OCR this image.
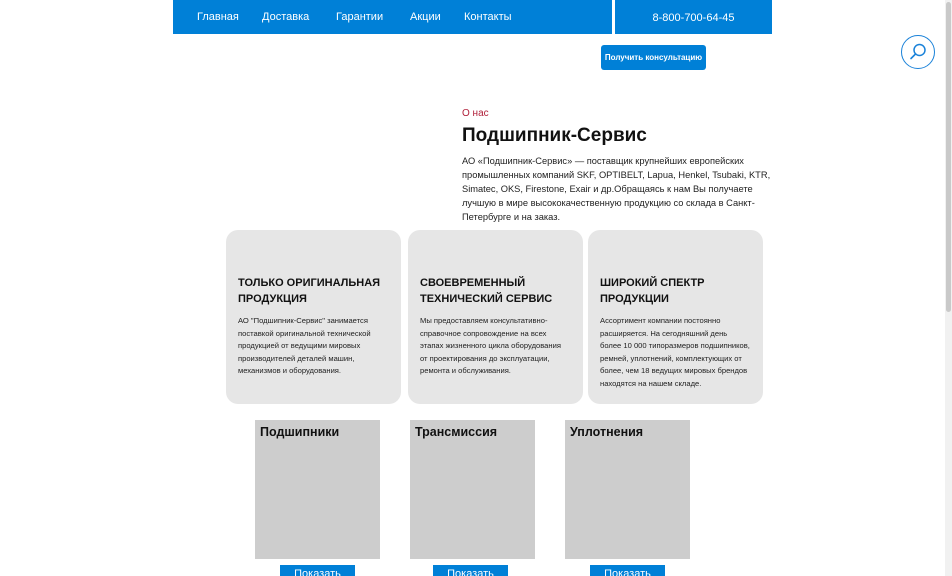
Главная Доставка Гарантии Акции Контакты	8-800-700-64-45
Получить консультацию
О нас
Подшипник-Сервис

АО «Подшипник-Сервис» — поставщик крупнейших европейских промышленных компаний SKF, OPTIBELT, Lapua, Henkel, Tsubaki, KTR, Simatec, OKS, Firestone, Exair и др.Обращаясь к нам Вы получаете лучшую в мире высококачественную продукцию со склада в Санкт-Петербурге и на заказ.

ТОЛЬКО ОРИГИНАЛЬНАЯ ПРОДУКЦИЯ
АО "Подшипник-Сервис" занимается поставкой оригинальной технической продукцией от ведущими мировых производителей деталей машин, механизмов и оборудования.
СВОЕВРЕМЕННЫЙ ТЕХНИЧЕСКИЙ СЕРВИС
Мы предоставляем консультативно-справочное сопровождение на всех этапах жизненного цикла оборудования от проектирования до эксплуатации, ремонта и обслуживания.
ШИРОКИЙ СПЕКТР ПРОДУКЦИИ
Ассортимент компании постоянно расширяется. На сегодняшний день более 10 000 типоразмеров подшипников, ремней, уплотнений, комплектующих от более, чем 18 ведущих мировых брендов находятся на нашем складе.
Подшипники	Трансмиссия	Уплотнения
Показать	Показать	Показать
